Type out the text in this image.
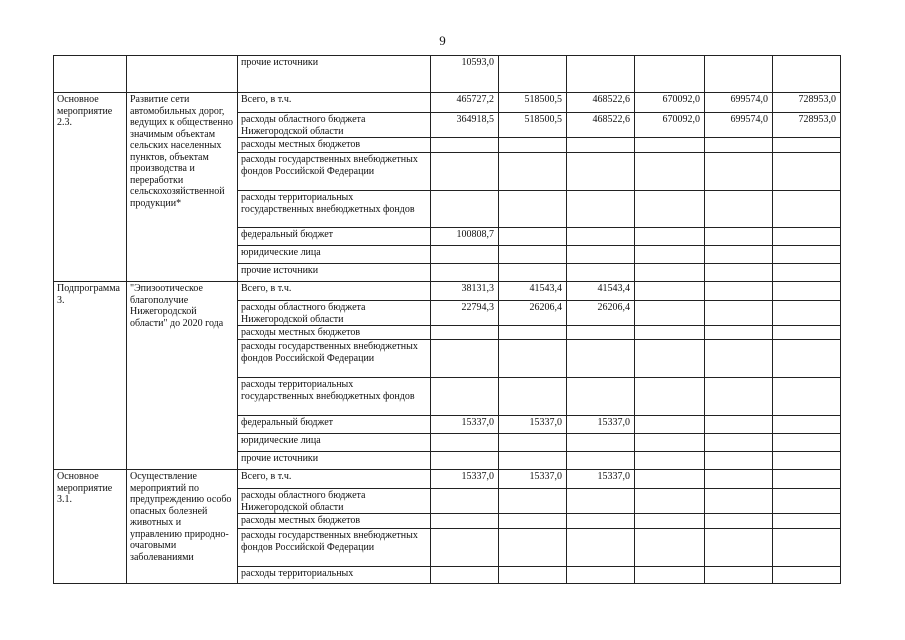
9
		прочие источники	10593,0					
Основное мероприятие 2.3.	Развитие сети автомобильных дорог, ведущих к общественно значимым объектам сельских населенных пунктов, объектам производства и переработки сельскохозяйственной продукции*	Всего, в т.ч.	465727,2	518500,5	468522,6	670092,0	699574,0	728953,0
		расходы областного бюджета Нижегородской области	364918,5	518500,5	468522,6	670092,0	699574,0	728953,0
		расходы местных бюджетов						
		расходы государственных внебюджетных фондов Российской Федерации						
		расходы территориальных государственных внебюджетных фондов						
		федеральный бюджет	100808,7					
		юридические лица						
		прочие источники						
Подпрограмма 3.	"Эпизоотическое благополучие Нижегородской области" до 2020 года	Всего, в т.ч.	38131,3	41543,4	41543,4			
		расходы областного бюджета Нижегородской области	22794,3	26206,4	26206,4			
		расходы местных бюджетов						
		расходы государственных внебюджетных фондов Российской Федерации						
		расходы территориальных государственных внебюджетных фондов						
		федеральный бюджет	15337,0	15337,0	15337,0			
		юридические лица						
		прочие источники						
Основное мероприятие 3.1.	Осуществление мероприятий по предупреждению особо опасных болезней животных и управлению природно-очаговыми заболеваниями	Всего, в т.ч.	15337,0	15337,0	15337,0			
		расходы областного бюджета Нижегородской области						
		расходы местных бюджетов						
		расходы государственных внебюджетных фондов Российской Федерации						
		расходы территориальных						
